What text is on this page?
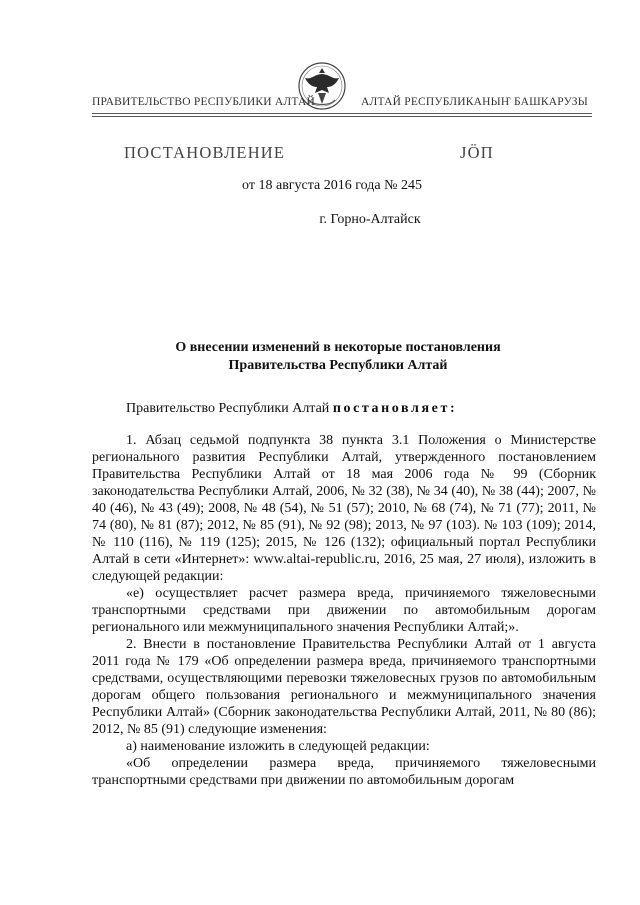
ПРАВИТЕЛЬСТВО РЕСПУБЛИКИ АЛТАЙ	АЛТАЙ РЕСПУБЛИКАНЫҤ БАШКАРУЗЫ
ПОСТАНОВЛЕНИЕ	ЈÖП
от 18 августа 2016 года № 245
г. Горно-Алтайск
О внесении изменений в некоторые постановления
Правительства Республики Алтай

Правительство Республики Алтай постановляет:

1. Абзац седьмой подпункта 38 пункта 3.1 Положения о Министерстве регионального развития Республики Алтай, утвержденного постановлением Правительства Республики Алтай от 18 мая 2006 года № 99 (Сборник законодательства Республики Алтай, 2006, № 32 (38), № 34 (40), № 38 (44); 2007, № 40 (46), № 43 (49); 2008, № 48 (54), № 51 (57); 2010, № 68 (74), № 71 (77); 2011, № 74 (80), № 81 (87); 2012, № 85 (91), № 92 (98); 2013, № 97 (103). № 103 (109); 2014, № 110 (116), № 119 (125); 2015, № 126 (132); официальный портал Республики Алтай в сети «Интернет»: www.altai-republic.ru, 2016, 25 мая, 27 июля), изложить в следующей редакции:

«е) осуществляет расчет размера вреда, причиняемого тяжеловесными транспортными средствами при движении по автомобильным дорогам регионального или межмуниципального значения Республики Алтай;».

2. Внести в постановление Правительства Республики Алтай от 1 августа 2011 года № 179 «Об определении размера вреда, причиняемого транспортными средствами, осуществляющими перевозки тяжеловесных грузов по автомобильным дорогам общего пользования регионального и межмуниципального значения Республики Алтай» (Сборник законодательства Республики Алтай, 2011, № 80 (86); 2012, № 85 (91) следующие изменения:

а) наименование изложить в следующей редакции:

«Об определении размера вреда, причиняемого тяжеловесными транспортными средствами при движении по автомобильным дорогам
